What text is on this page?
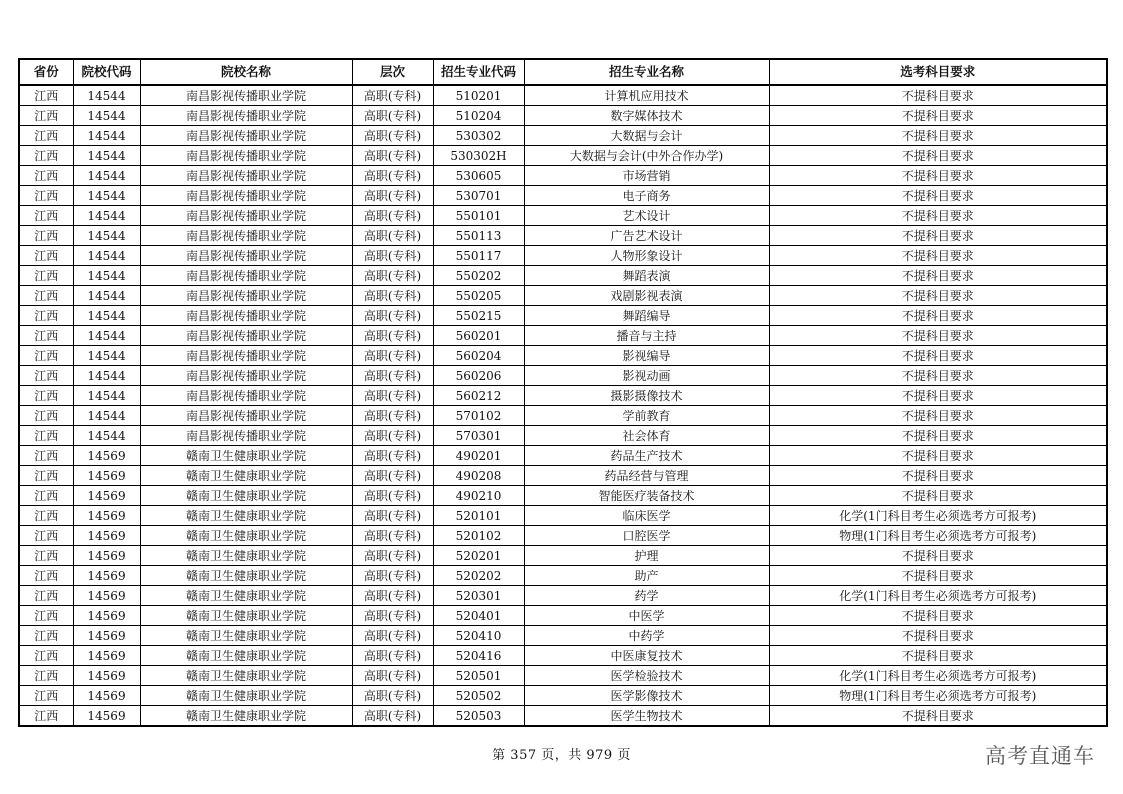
省份	院校代码	院校名称	层次	招生专业代码	招生专业名称	选考科目要求
江西	14544	南昌影视传播职业学院	高职(专科)	510201	计算机应用技术	不提科目要求
江西	14544	南昌影视传播职业学院	高职(专科)	510204	数字媒体技术	不提科目要求
江西	14544	南昌影视传播职业学院	高职(专科)	530302	大数据与会计	不提科目要求
江西	14544	南昌影视传播职业学院	高职(专科)	530302H	大数据与会计(中外合作办学)	不提科目要求
江西	14544	南昌影视传播职业学院	高职(专科)	530605	市场营销	不提科目要求
江西	14544	南昌影视传播职业学院	高职(专科)	530701	电子商务	不提科目要求
江西	14544	南昌影视传播职业学院	高职(专科)	550101	艺术设计	不提科目要求
江西	14544	南昌影视传播职业学院	高职(专科)	550113	广告艺术设计	不提科目要求
江西	14544	南昌影视传播职业学院	高职(专科)	550117	人物形象设计	不提科目要求
江西	14544	南昌影视传播职业学院	高职(专科)	550202	舞蹈表演	不提科目要求
江西	14544	南昌影视传播职业学院	高职(专科)	550205	戏剧影视表演	不提科目要求
江西	14544	南昌影视传播职业学院	高职(专科)	550215	舞蹈编导	不提科目要求
江西	14544	南昌影视传播职业学院	高职(专科)	560201	播音与主持	不提科目要求
江西	14544	南昌影视传播职业学院	高职(专科)	560204	影视编导	不提科目要求
江西	14544	南昌影视传播职业学院	高职(专科)	560206	影视动画	不提科目要求
江西	14544	南昌影视传播职业学院	高职(专科)	560212	摄影摄像技术	不提科目要求
江西	14544	南昌影视传播职业学院	高职(专科)	570102	学前教育	不提科目要求
江西	14544	南昌影视传播职业学院	高职(专科)	570301	社会体育	不提科目要求
江西	14569	赣南卫生健康职业学院	高职(专科)	490201	药品生产技术	不提科目要求
江西	14569	赣南卫生健康职业学院	高职(专科)	490208	药品经营与管理	不提科目要求
江西	14569	赣南卫生健康职业学院	高职(专科)	490210	智能医疗装备技术	不提科目要求
江西	14569	赣南卫生健康职业学院	高职(专科)	520101	临床医学	化学(1门科目考生必须选考方可报考)
江西	14569	赣南卫生健康职业学院	高职(专科)	520102	口腔医学	物理(1门科目考生必须选考方可报考)
江西	14569	赣南卫生健康职业学院	高职(专科)	520201	护理	不提科目要求
江西	14569	赣南卫生健康职业学院	高职(专科)	520202	助产	不提科目要求
江西	14569	赣南卫生健康职业学院	高职(专科)	520301	药学	化学(1门科目考生必须选考方可报考)
江西	14569	赣南卫生健康职业学院	高职(专科)	520401	中医学	不提科目要求
江西	14569	赣南卫生健康职业学院	高职(专科)	520410	中药学	不提科目要求
江西	14569	赣南卫生健康职业学院	高职(专科)	520416	中医康复技术	不提科目要求
江西	14569	赣南卫生健康职业学院	高职(专科)	520501	医学检验技术	化学(1门科目考生必须选考方可报考)
江西	14569	赣南卫生健康职业学院	高职(专科)	520502	医学影像技术	物理(1门科目考生必须选考方可报考)
江西	14569	赣南卫生健康职业学院	高职(专科)	520503	医学生物技术	不提科目要求
第 357 页，共 979 页	高考直通车
